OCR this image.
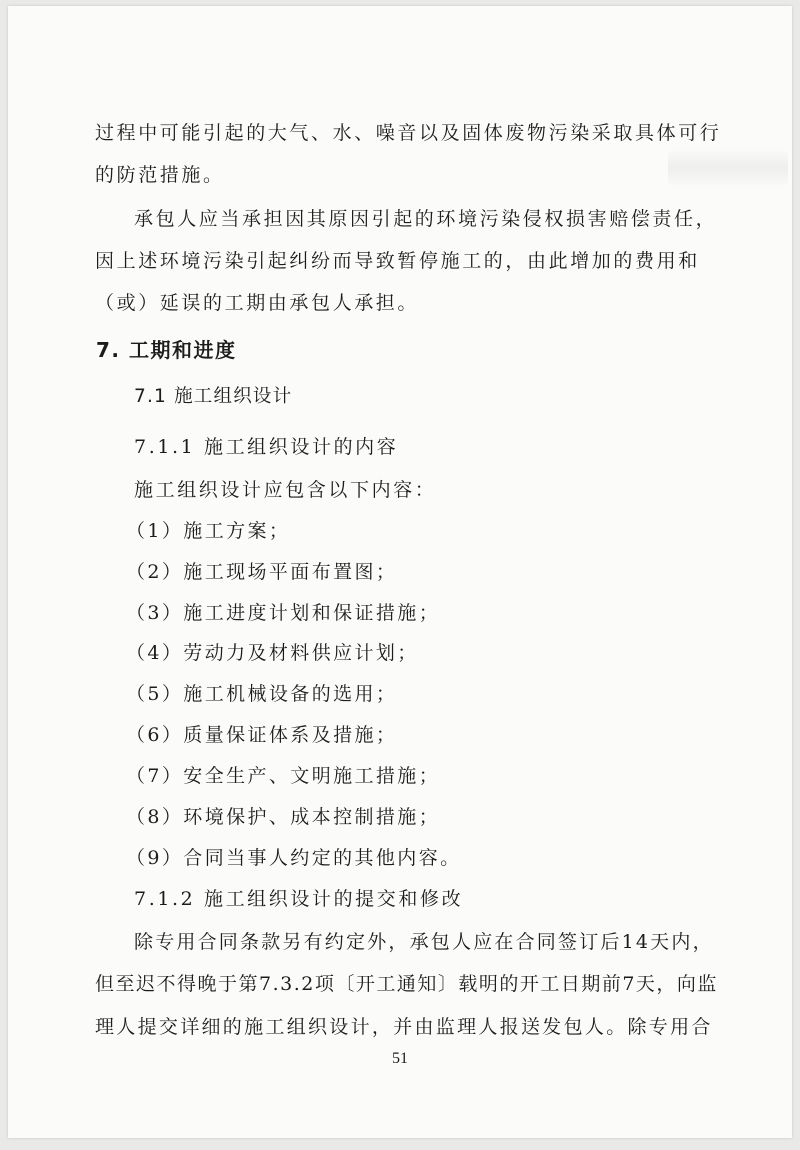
过程中可能引起的大气、水、噪音以及固体废物污染采取具体可行
的防范措施。
承包人应当承担因其原因引起的环境污染侵权损害赔偿责任，
因上述环境污染引起纠纷而导致暂停施工的，由此增加的费用和
（或）延误的工期由承包人承担。
7. 工期和进度
7.1 施工组织设计
7.1.1 施工组织设计的内容
施工组织设计应包含以下内容：
（1）施工方案；
（2）施工现场平面布置图；
（3）施工进度计划和保证措施；
（4）劳动力及材料供应计划；
（5）施工机械设备的选用；
（6）质量保证体系及措施；
（7）安全生产、文明施工措施；
（8）环境保护、成本控制措施；
（9）合同当事人约定的其他内容。
7.1.2 施工组织设计的提交和修改
除专用合同条款另有约定外，承包人应在合同签订后14天内，
但至迟不得晚于第7.3.2项〔开工通知〕载明的开工日期前7天，向监
理人提交详细的施工组织设计，并由监理人报送发包人。除专用合
51
